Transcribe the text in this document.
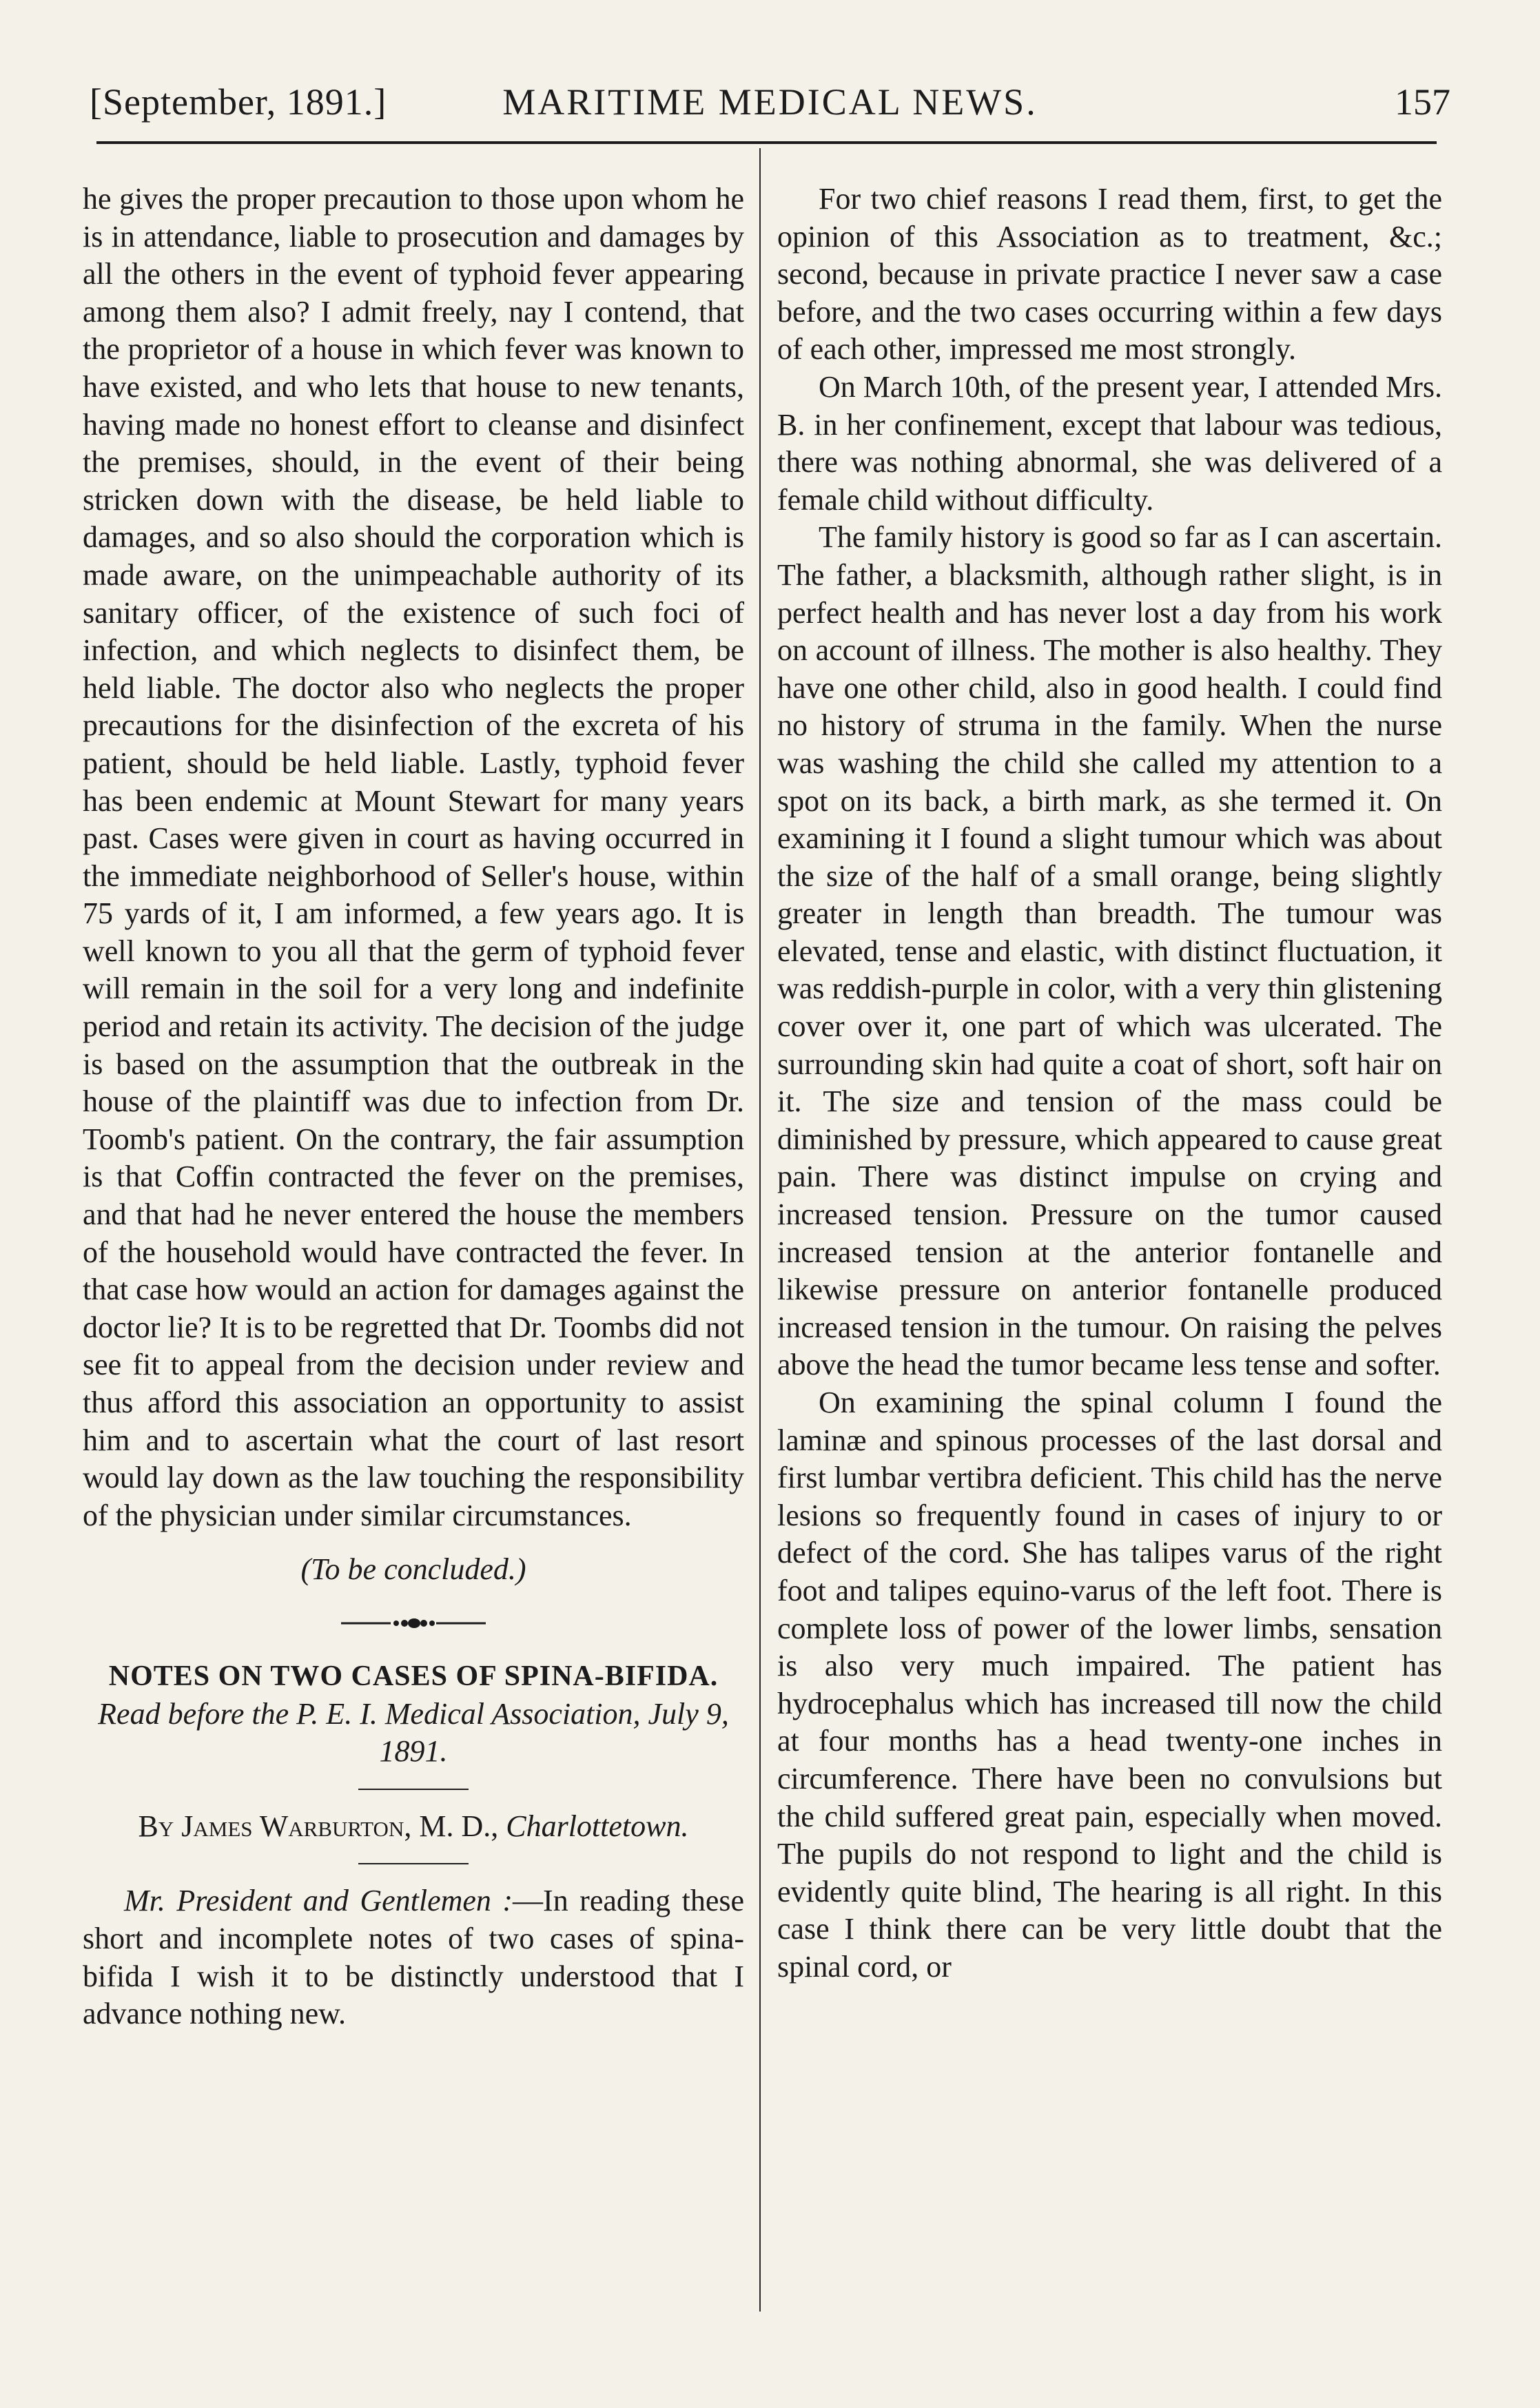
[September, 1891.]	MARITIME MEDICAL NEWS.	157

he gives the proper precaution to those upon whom he is in attendance, liable to prosecution and damages by all the others in the event of typhoid fever appearing among them also? I admit freely, nay I contend, that the proprietor of a house in which fever was known to have existed, and who lets that house to new tenants, having made no honest effort to cleanse and disinfect the premises, should, in the event of their being stricken down with the disease, be held liable to damages, and so also should the corporation which is made aware, on the unimpeachable authority of its sanitary officer, of the existence of such foci of infection, and which neglects to disinfect them, be held liable. The doctor also who neglects the proper precautions for the disinfection of the excreta of his patient, should be held liable. Lastly, typhoid fever has been endemic at Mount Stewart for many years past. Cases were given in court as having occurred in the immediate neighborhood of Seller's house, within 75 yards of it, I am informed, a few years ago. It is well known to you all that the germ of typhoid fever will remain in the soil for a very long and indefinite period and retain its activity. The decision of the judge is based on the assumption that the outbreak in the house of the plaintiff was due to infection from Dr. Toomb's patient. On the contrary, the fair assumption is that Coffin contracted the fever on the premises, and that had he never entered the house the members of the household would have contracted the fever. In that case how would an action for damages against the doctor lie? It is to be regretted that Dr. Toombs did not see fit to appeal from the decision under review and thus afford this association an opportunity to assist him and to ascertain what the court of last resort would lay down as the law touching the responsibility of the physician under similar circumstances.

(To be concluded.)

NOTES ON TWO CASES OF SPINA-BIFIDA.

Read before the P. E. I. Medical Association, July 9, 1891.

By James Warburton, M. D., Charlottetown.

Mr. President and Gentlemen :—In reading these short and incomplete notes of two cases of spina-bifida I wish it to be distinctly understood that I advance nothing new.

For two chief reasons I read them, first, to get the opinion of this Association as to treatment, &c.; second, because in private practice I never saw a case before, and the two cases occurring within a few days of each other, impressed me most strongly.

On March 10th, of the present year, I attended Mrs. B. in her confinement, except that labour was tedious, there was nothing abnormal, she was delivered of a female child without difficulty.

The family history is good so far as I can ascertain. The father, a blacksmith, although rather slight, is in perfect health and has never lost a day from his work on account of illness. The mother is also healthy. They have one other child, also in good health. I could find no history of struma in the family. When the nurse was washing the child she called my attention to a spot on its back, a birth mark, as she termed it. On examining it I found a slight tumour which was about the size of the half of a small orange, being slightly greater in length than breadth. The tumour was elevated, tense and elastic, with distinct fluctuation, it was reddish-purple in color, with a very thin glistening cover over it, one part of which was ulcerated. The surrounding skin had quite a coat of short, soft hair on it. The size and tension of the mass could be diminished by pressure, which appeared to cause great pain. There was distinct impulse on crying and increased tension. Pressure on the tumor caused increased tension at the anterior fontanelle and likewise pressure on anterior fontanelle produced increased tension in the tumour. On raising the pelves above the head the tumor became less tense and softer.

On examining the spinal column I found the laminæ and spinous processes of the last dorsal and first lumbar vertibra deficient. This child has the nerve lesions so frequently found in cases of injury to or defect of the cord. She has talipes varus of the right foot and talipes equino-varus of the left foot. There is complete loss of power of the lower limbs, sensation is also very much impaired. The patient has hydrocephalus which has increased till now the child at four months has a head twenty-one inches in circumference. There have been no convulsions but the child suffered great pain, especially when moved. The pupils do not respond to light and the child is evidently quite blind, The hearing is all right. In this case I think there can be very little doubt that the spinal cord, or
